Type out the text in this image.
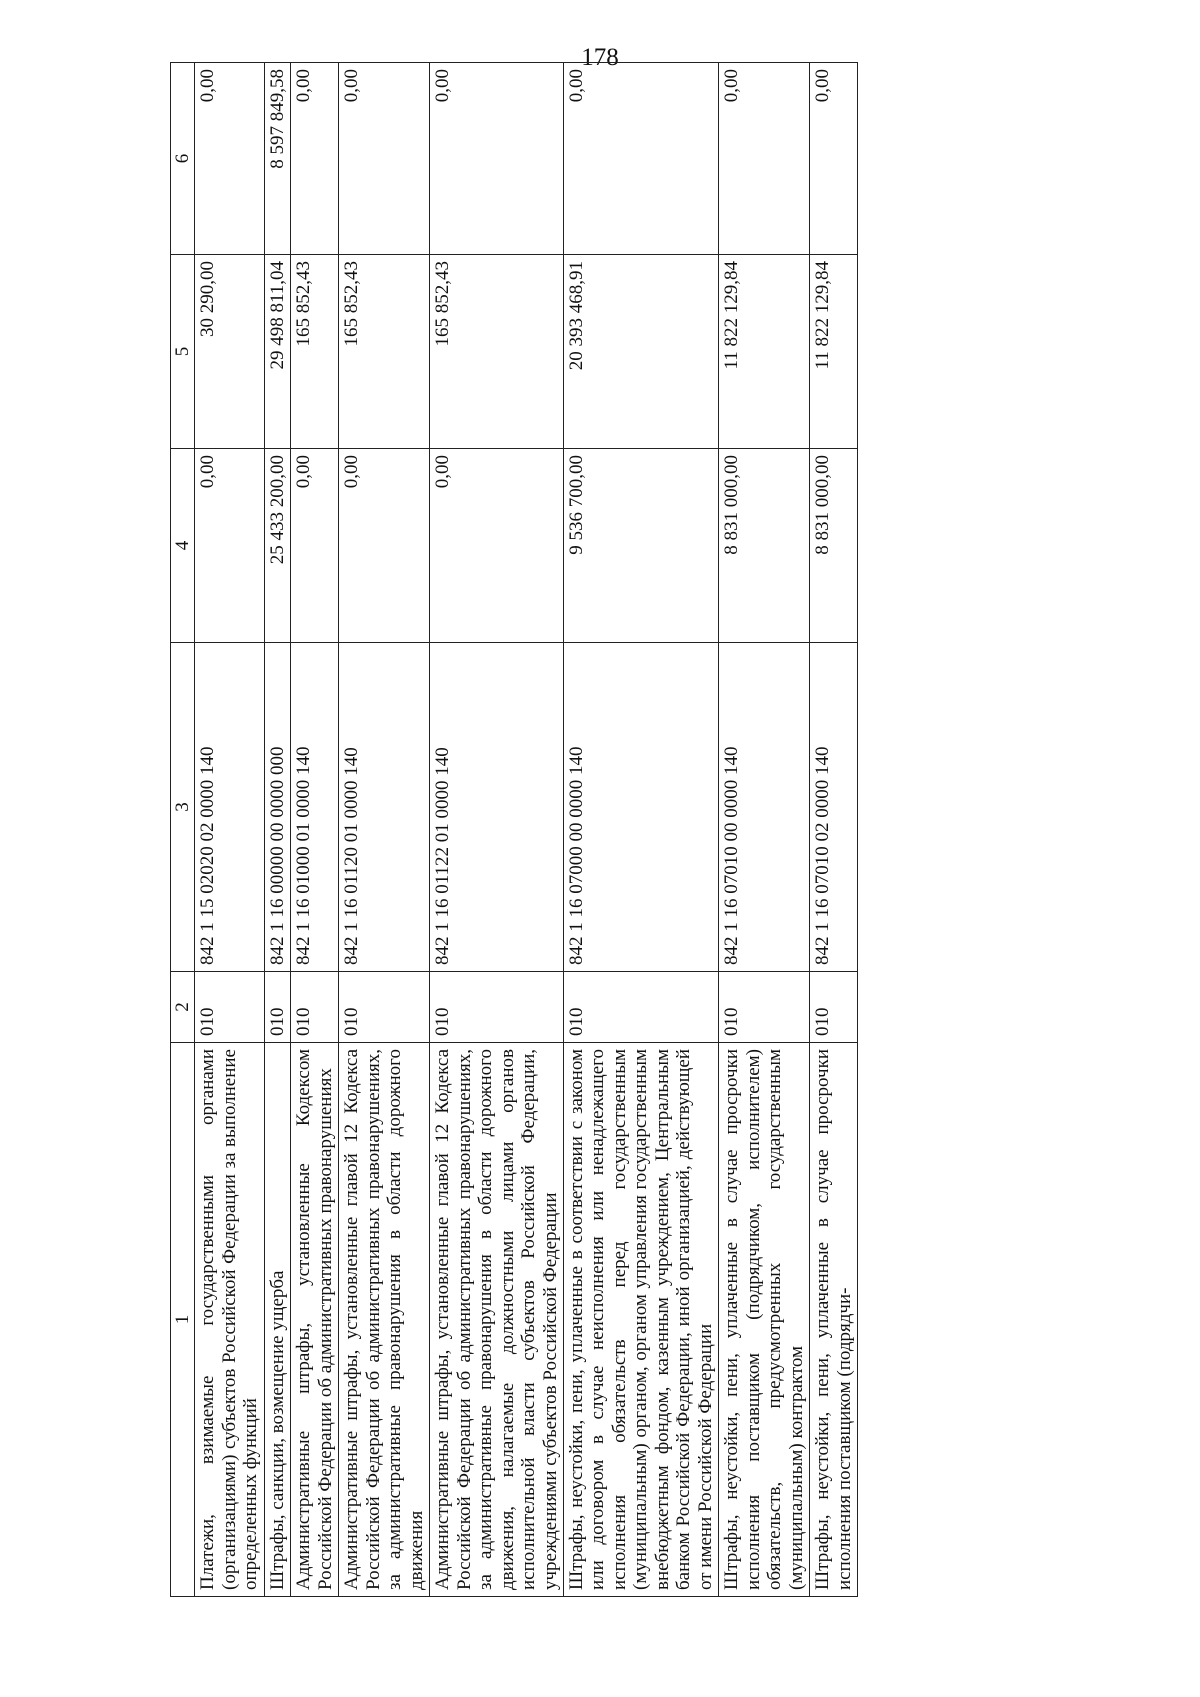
178
1	2	3	4	5	6
Платежи, взимаемые государственными органами (организациями) субъектов Российской Федерации за выполнение определенных функций	010	842 1 15 02020 02 0000 140	0,00	30 290,00	0,00
Штрафы, санкции, возмещение ущерба	010	842 1 16 00000 00 0000 000	25 433 200,00	29 498 811,04	8 597 849,58
Административные штрафы, установленные Кодексом Российской Федерации об административных правонарушениях	010	842 1 16 01000 01 0000 140	0,00	165 852,43	0,00
Административные штрафы, установленные главой 12 Кодекса Российской Федерации об административных правонарушениях, за административные правонарушения в области дорожного движения	010	842 1 16 01120 01 0000 140	0,00	165 852,43	0,00
Административные штрафы, установленные главой 12 Кодекса Российской Федерации об административных правонарушениях, за административные правонарушения в области дорожного движения, налагаемые должностными лицами органов исполнительной власти субъектов Российской Федерации, учреждениями субъектов Российской Федерации	010	842 1 16 01122 01 0000 140	0,00	165 852,43	0,00
Штрафы, неустойки, пени, уплаченные в соответствии с законом или договором в случае неисполнения или ненадлежащего исполнения обязательств перед государственным (муниципальным) органом, органом управления государственным внебюджетным фондом, казенным учреждением, Центральным банком Российской Федерации, иной организацией, действующей от имени Российской Федерации	010	842 1 16 07000 00 0000 140	9 536 700,00	20 393 468,91	0,00
Штрафы, неустойки, пени, уплаченные в случае просрочки исполнения поставщиком (подрядчиком, исполнителем) обязательств, предусмотренных государственным (муниципальным) контрактом	010	842 1 16 07010 00 0000 140	8 831 000,00	11 822 129,84	0,00
Штрафы, неустойки, пени, уплаченные в случае просрочки исполнения поставщиком (подрядчи-	010	842 1 16 07010 02 0000 140	8 831 000,00	11 822 129,84	0,00
